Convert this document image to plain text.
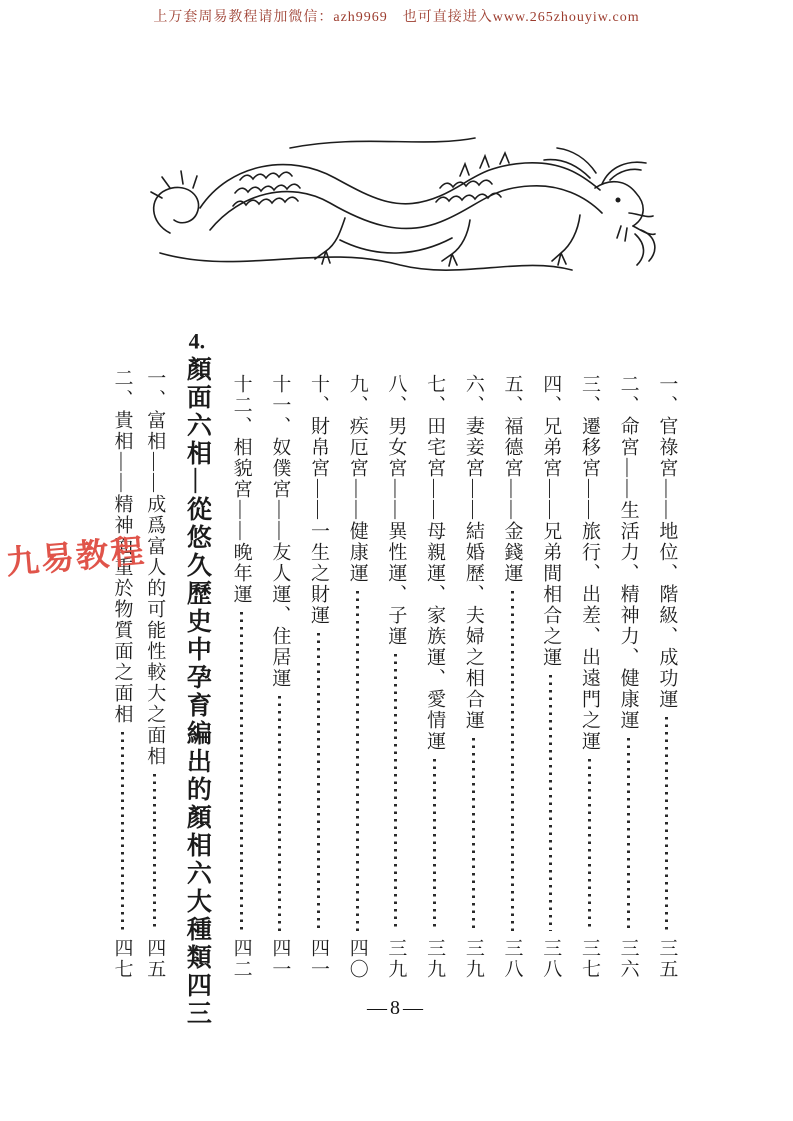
上万套周易教程请加微信：azh9969　也可直接进入www.265zhouyiw.com
一、官祿宮——地位、階級、成功運
三五
二、命宮——生活力、精神力、健康運
三六
三、遷移宮——旅行、出差、出遠門之運
三七
四、兄弟宮——兄弟間相合之運
三八
五、福德宮——金錢運
三八
六、妻妾宮——結婚歷、夫婦之相合運
三九
七、田宅宮——母親運、家族運、愛情運
三九
八、男女宮——異性運、子運
三九
九、疾厄宮——健康運
四〇
十、財帛宮——一生之財運
四一
十一、奴僕宮——友人運、住居運
四一
十二、相貌宮——晚年運
四二
4.
顏面六相—從悠久歷史中孕育編出的顏相六大種類
四三
一、富相——成爲富人的可能性較大之面相
四五
二、貴相——精神面重於物質面之面相
四七
九易教程
—8—
